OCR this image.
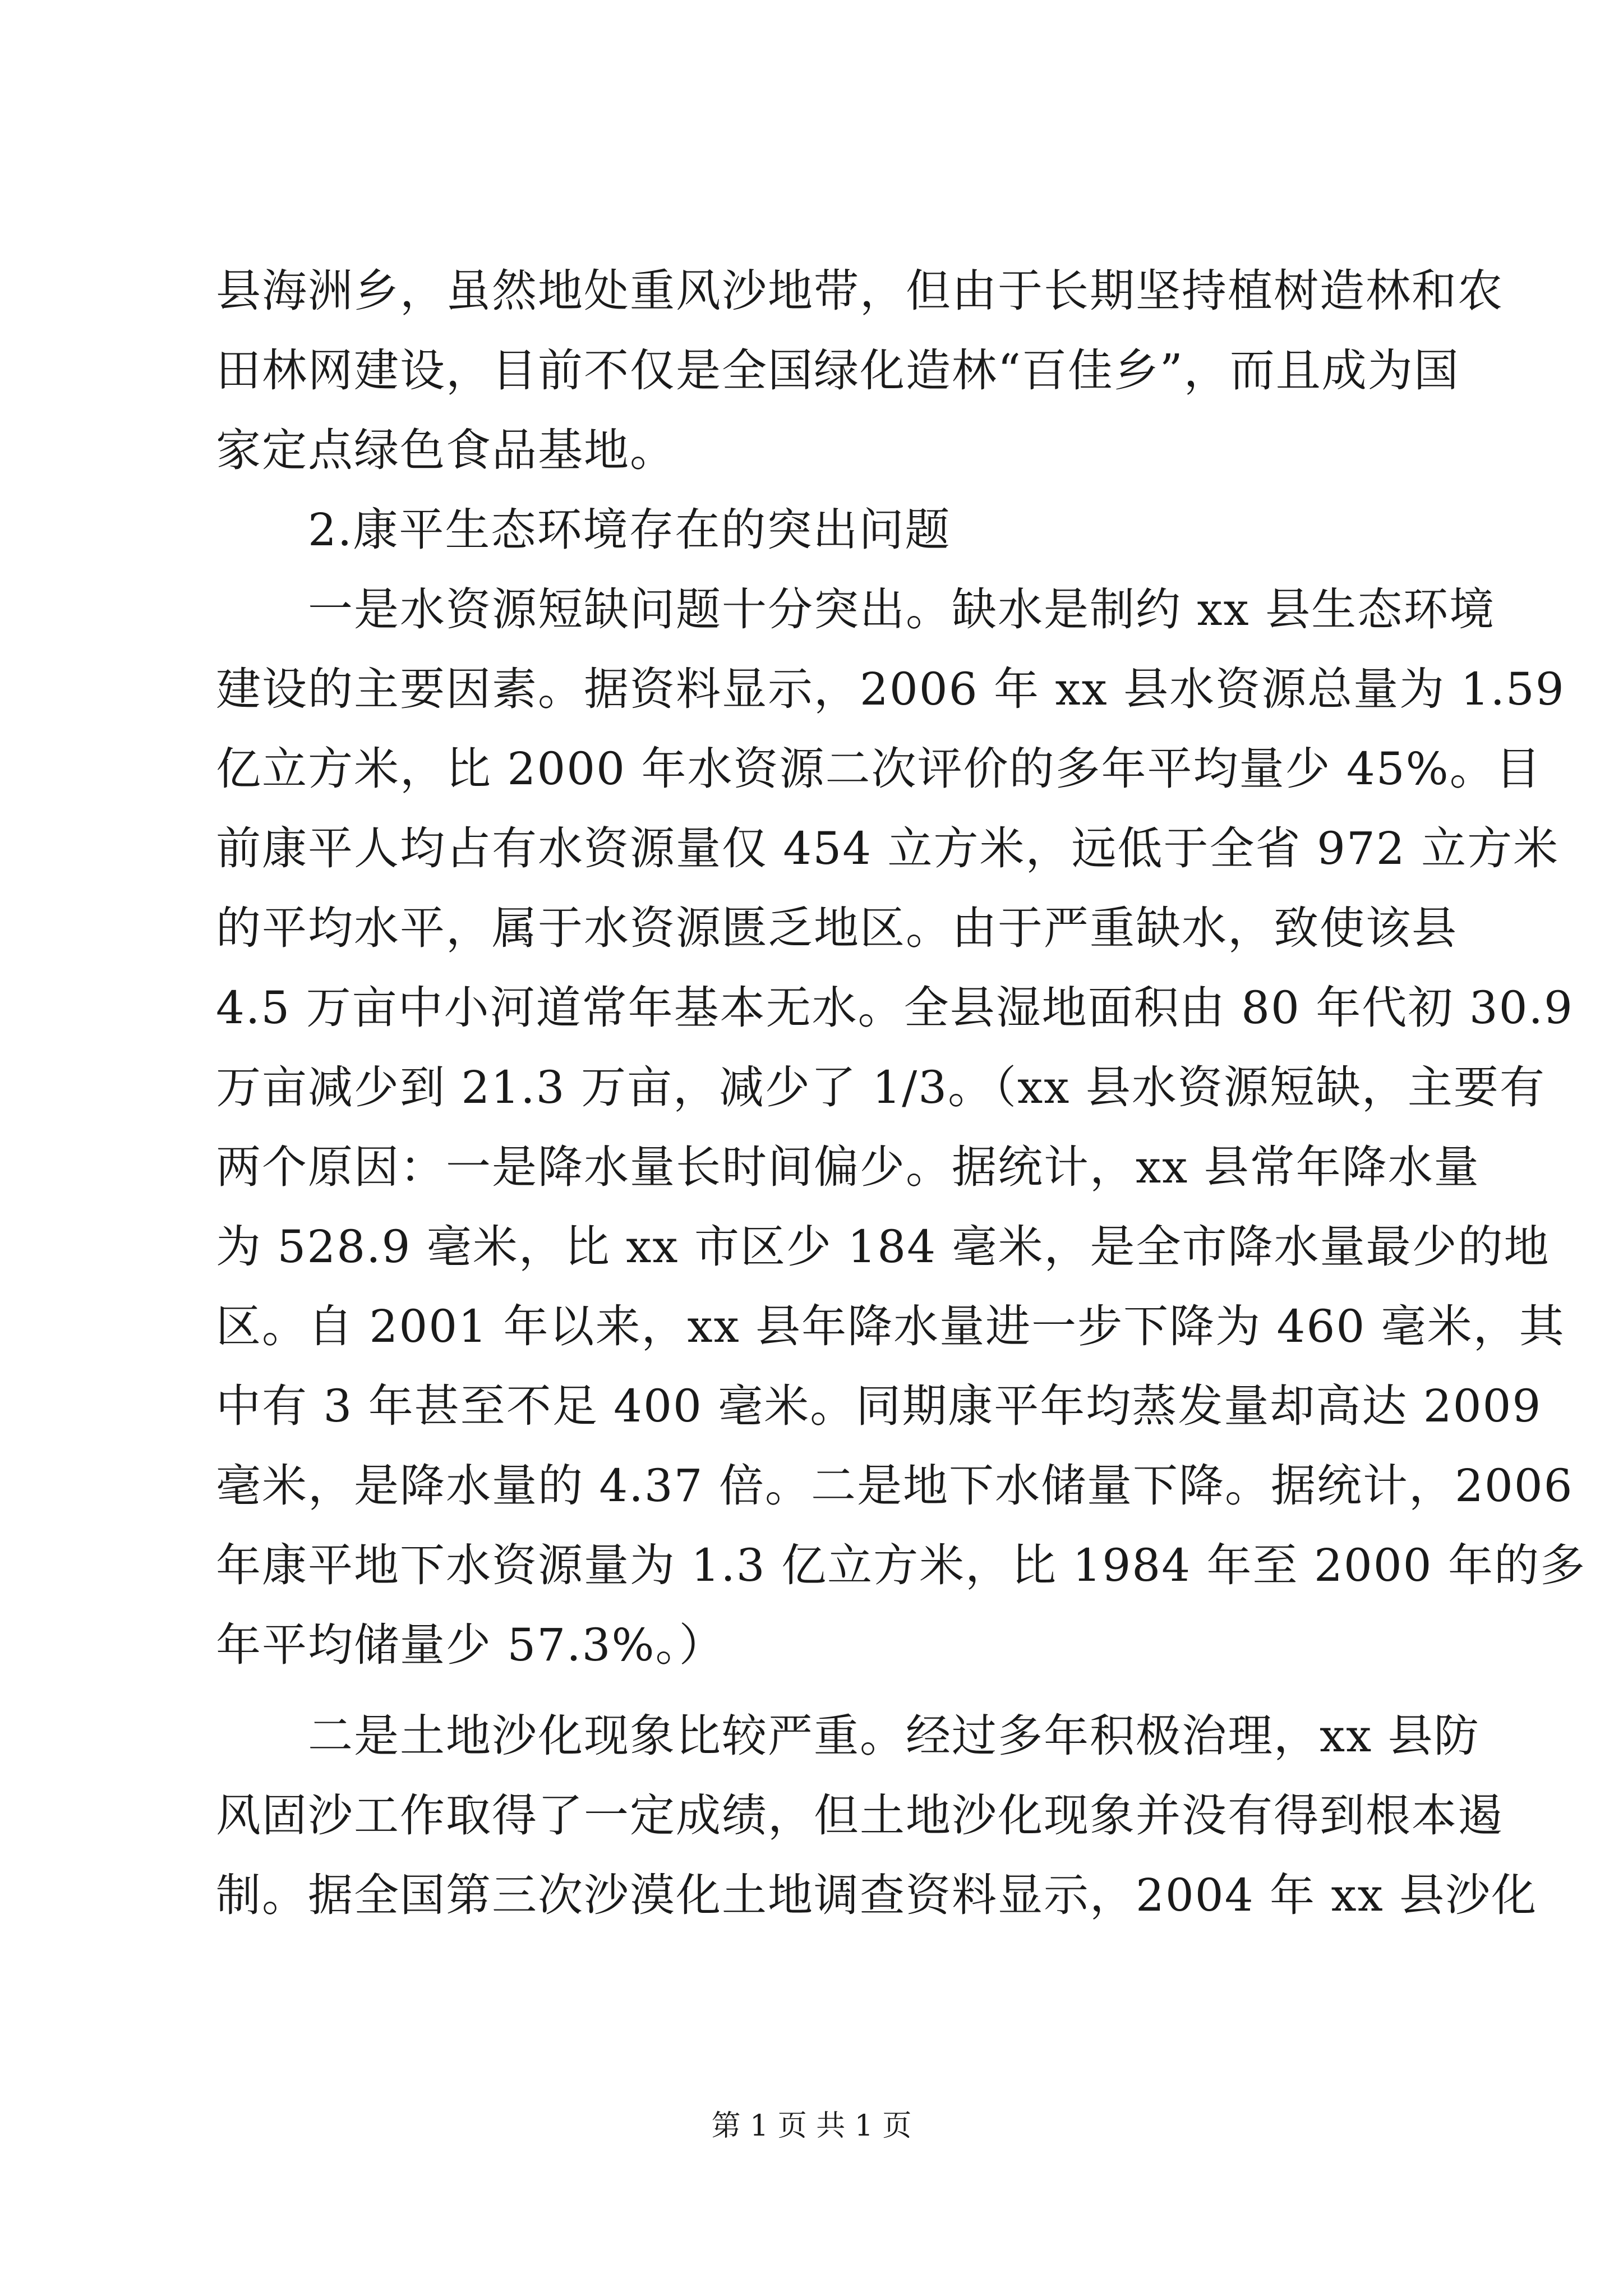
县海洲乡，虽然地处重风沙地带，但由于长期坚持植树造林和农
田林网建设，目前不仅是全国绿化造林“百佳乡”，而且成为国
家定点绿色食品基地。
　　2.康平生态环境存在的突出问题
　　一是水资源短缺问题十分突出。缺水是制约 xx 县生态环境
建设的主要因素。据资料显示，2006 年 xx 县水资源总量为 1.59
亿立方米，比 2000 年水资源二次评价的多年平均量少 45%。目
前康平人均占有水资源量仅 454 立方米，远低于全省 972 立方米
的平均水平，属于水资源匮乏地区。由于严重缺水，致使该县
4.5 万亩中小河道常年基本无水。全县湿地面积由 80 年代初 30.9
万亩减少到 21.3 万亩，减少了 1/3。（xx 县水资源短缺，主要有
两个原因：一是降水量长时间偏少。据统计，xx 县常年降水量
为 528.9 毫米，比 xx 市区少 184 毫米，是全市降水量最少的地
区。自 2001 年以来，xx 县年降水量进一步下降为 460 毫米，其
中有 3 年甚至不足 400 毫米。同期康平年均蒸发量却高达 2009
毫米，是降水量的 4.37 倍。二是地下水储量下降。据统计，2006
年康平地下水资源量为 1.3 亿立方米，比 1984 年至 2000 年的多
年平均储量少 57.3%。）
　　二是土地沙化现象比较严重。经过多年积极治理，xx 县防
风固沙工作取得了一定成绩，但土地沙化现象并没有得到根本遏
制。据全国第三次沙漠化土地调查资料显示，2004 年 xx 县沙化
第 1 页 共 1 页
